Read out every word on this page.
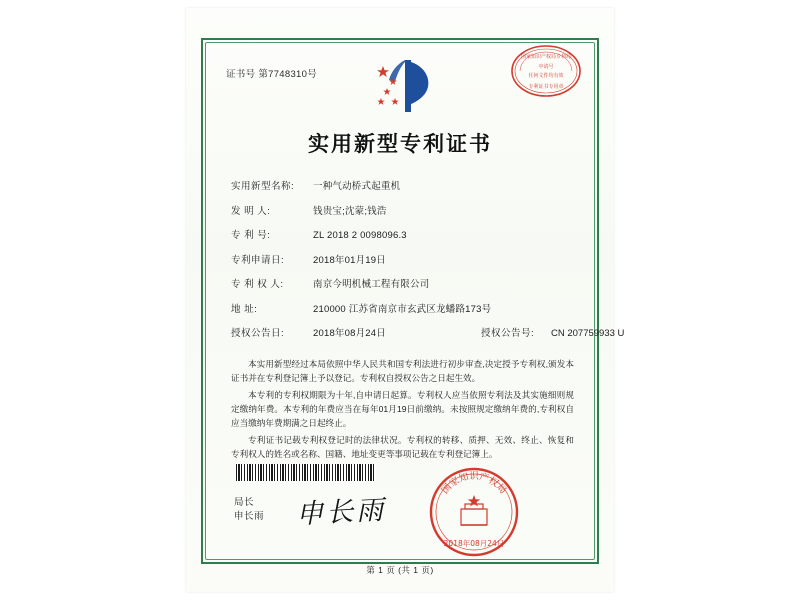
证书号 第7748310号
国家知识产权局专利局
中请号
任何文件均有效
专利证书专用章
实用新型专利证书
实用新型名称:	一种气动桥式起重机
发 明 人:	钱贵宝;沈蒙;钱浩
专 利 号:	ZL 2018 2 0098096.3
专利申请日:	2018年01月19日
专 利 权 人:	南京今明机械工程有限公司
地 址:	210000 江苏省南京市玄武区龙蟠路173号
授权公告日:	2018年08月24日	授权公告号:	CN 207759933 U

本实用新型经过本局依照中华人民共和国专利法进行初步审查,决定授予专利权,颁发本证书并在专利登记簿上予以登记。专利权自授权公告之日起生效。

本专利的专利权期限为十年,自申请日起算。专利权人应当依照专利法及其实施细则规定缴纳年费。本专利的年费应当在每年01月19日前缴纳。未按照规定缴纳年费的,专利权自应当缴纳年费期满之日起终止。

专利证书记载专利权登记时的法律状况。专利权的转移、质押、无效、终止、恢复和专利权人的姓名或名称、国籍、地址变更等事项记载在专利登记簿上。

局长
申长雨 申长雨
国家知识产权局
2018年08月24日
第 1 页 (共 1 页)
